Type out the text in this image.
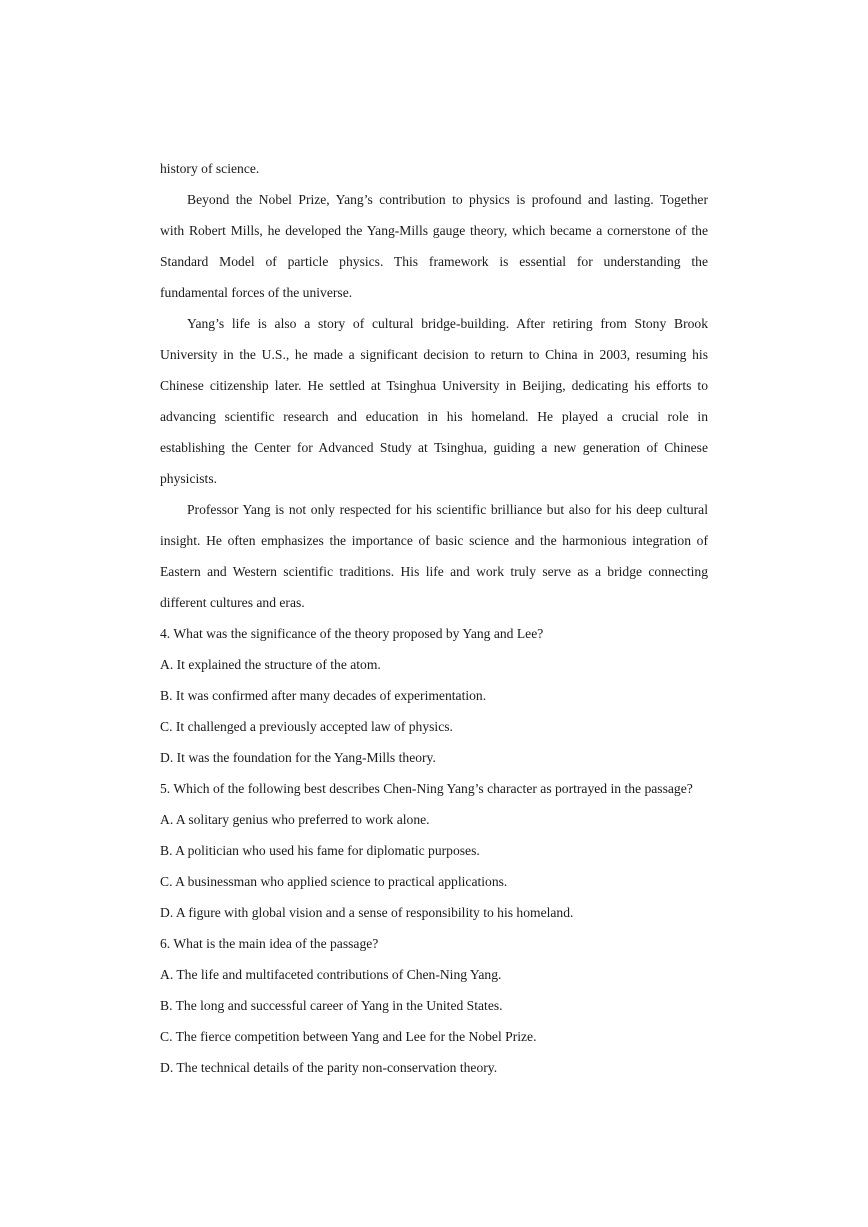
history of science.
Beyond the Nobel Prize, Yang’s contribution to physics is profound and lasting. Together
with Robert Mills, he developed the Yang-Mills gauge theory, which became a cornerstone of the
Standard Model of particle physics. This framework is essential for understanding the
fundamental forces of the universe.
Yang’s life is also a story of cultural bridge-building. After retiring from Stony Brook
University in the U.S., he made a significant decision to return to China in 2003, resuming his
Chinese citizenship later. He settled at Tsinghua University in Beijing, dedicating his efforts to
advancing scientific research and education in his homeland. He played a crucial role in
establishing the Center for Advanced Study at Tsinghua, guiding a new generation of Chinese
physicists.
Professor Yang is not only respected for his scientific brilliance but also for his deep cultural
insight. He often emphasizes the importance of basic science and the harmonious integration of
Eastern and Western scientific traditions. His life and work truly serve as a bridge connecting
different cultures and eras.
4. What was the significance of the theory proposed by Yang and Lee?
A. It explained the structure of the atom.
B. It was confirmed after many decades of experimentation.
C. It challenged a previously accepted law of physics.
D. It was the foundation for the Yang-Mills theory.
5. Which of the following best describes Chen-Ning Yang’s character as portrayed in the passage?
A. A solitary genius who preferred to work alone.
B. A politician who used his fame for diplomatic purposes.
C. A businessman who applied science to practical applications.
D. A figure with global vision and a sense of responsibility to his homeland.
6. What is the main idea of the passage?
A. The life and multifaceted contributions of Chen-Ning Yang.
B. The long and successful career of Yang in the United States.
C. The fierce competition between Yang and Lee for the Nobel Prize.
D. The technical details of the parity non-conservation theory.
